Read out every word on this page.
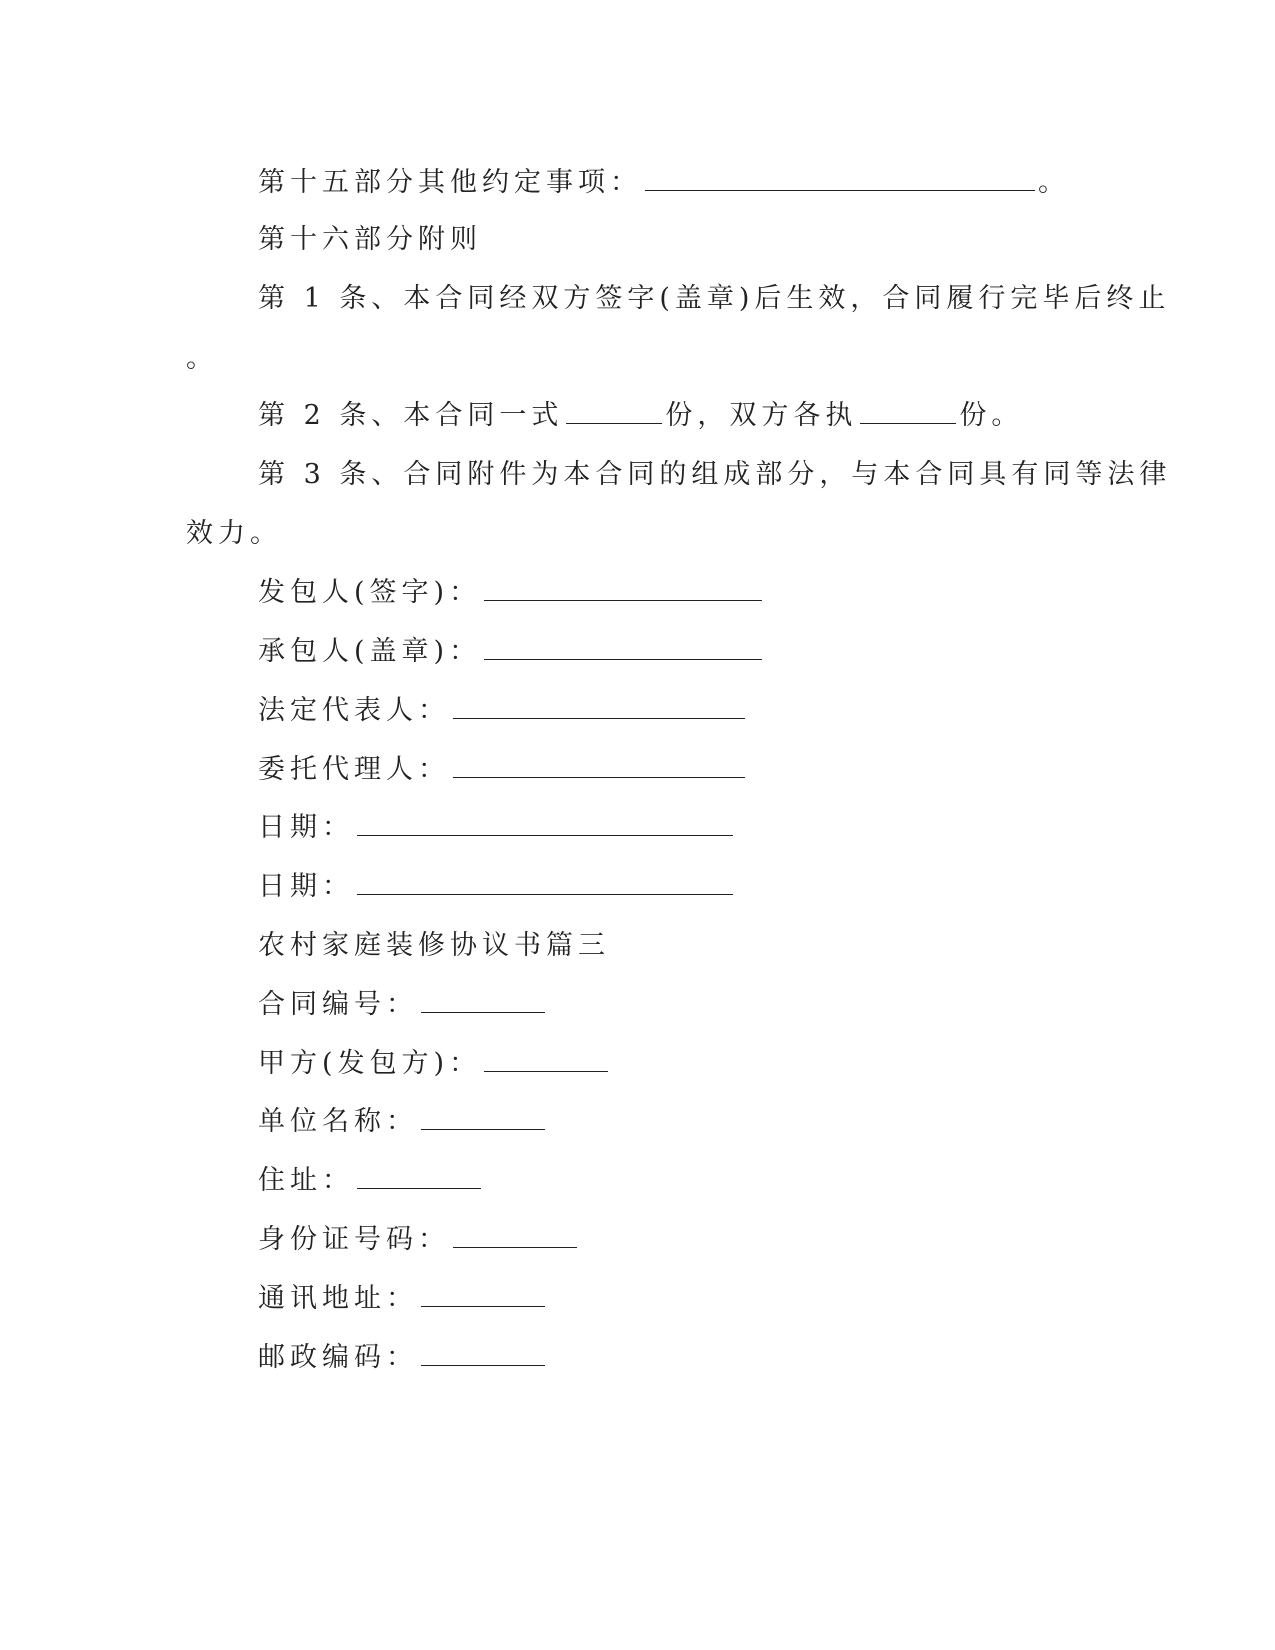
第十五部分其他约定事项：	。
第十六部分附则
第 1 条、本合同经双方签字(盖章)后生效，合同履行完毕后终止
。
第 2 条、本合同一式	份，双方各执	份。
第 3 条、合同附件为本合同的组成部分，与本合同具有同等法律
效力。
发包人(签字)：
承包人(盖章)：
法定代表人：
委托代理人：
日期：
日期：
农村家庭装修协议书篇三
合同编号：
甲方(发包方)：
单位名称：
住址：
身份证号码：
通讯地址：
邮政编码：
